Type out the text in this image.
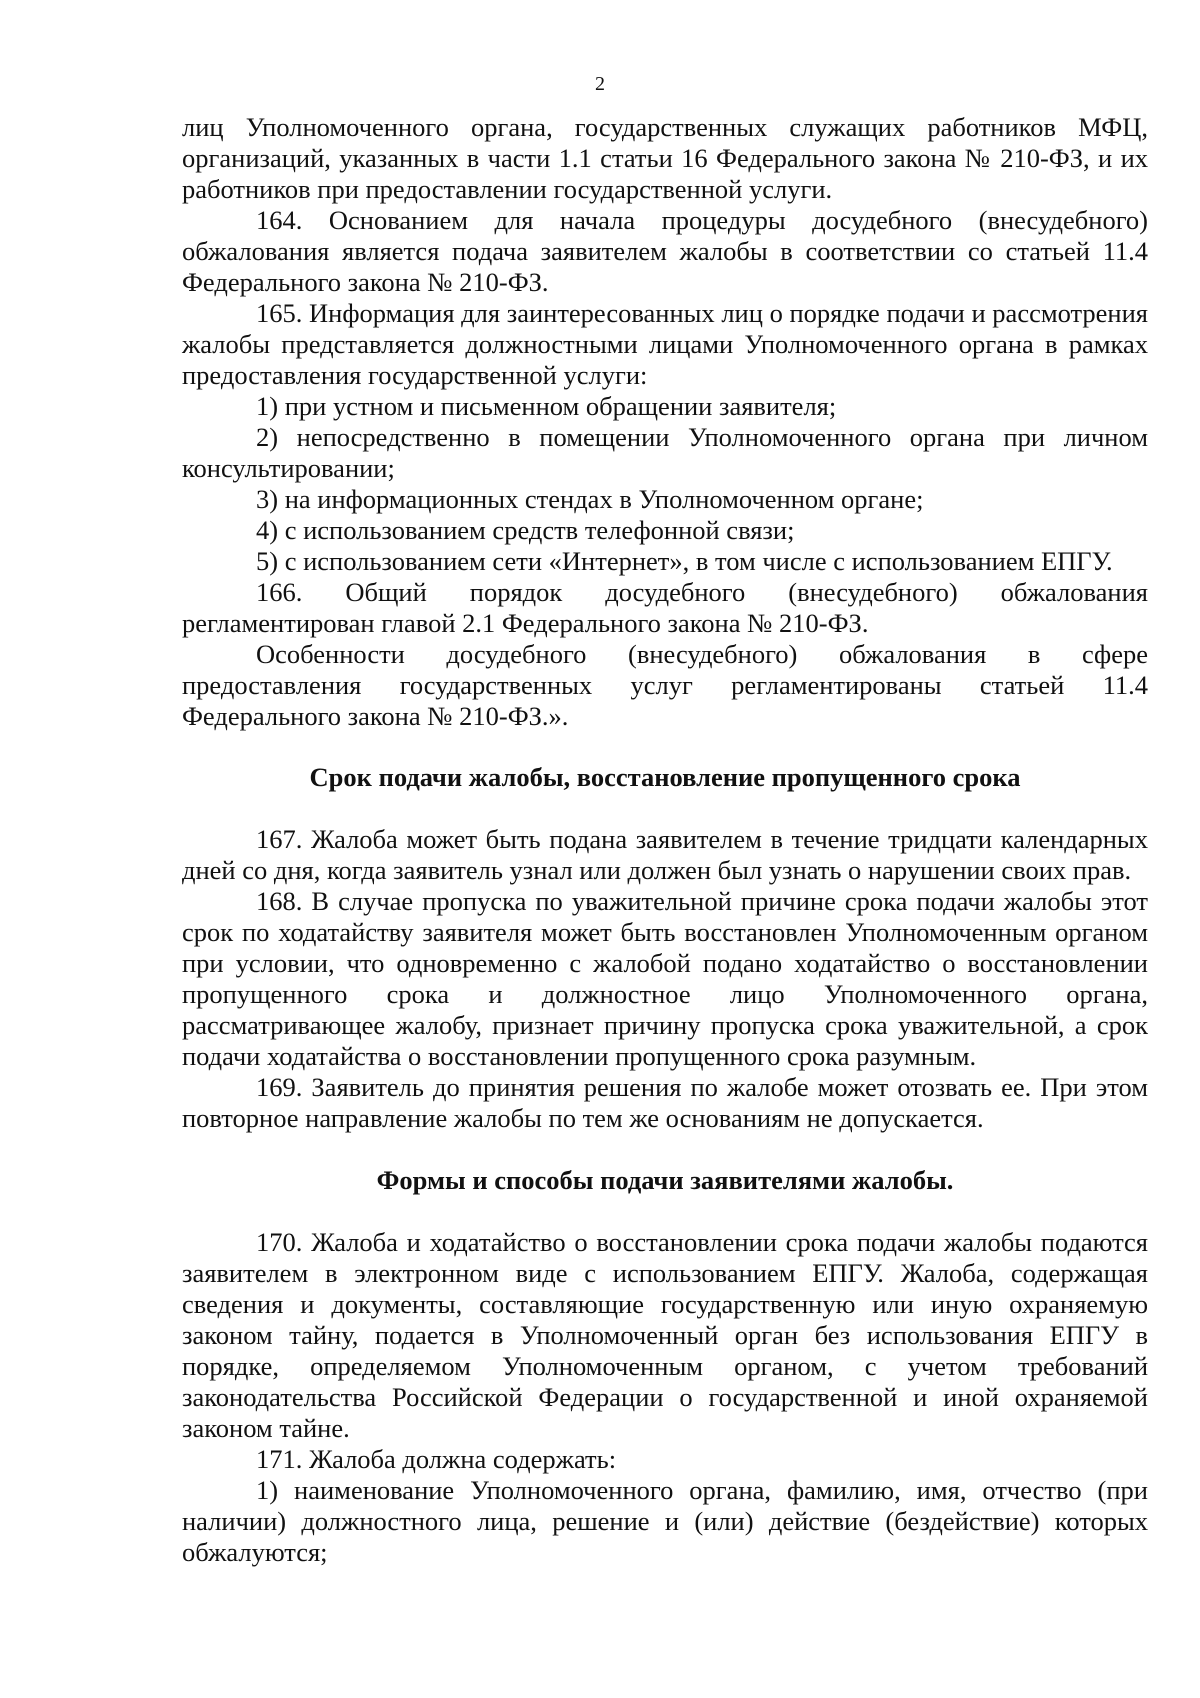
2

лиц Уполномоченного органа, государственных служащих работников МФЦ, организаций, указанных в части 1.1 статьи 16 Федерального закона № 210-ФЗ, и их работников при предоставлении государственной услуги.

164. Основанием для начала процедуры досудебного (внесудебного) обжалования является подача заявителем жалобы в соответствии со статьей 11.4 Федерального закона № 210-ФЗ.

165. Информация для заинтересованных лиц о порядке подачи и рассмотрения жалобы представляется должностными лицами Уполномоченного органа в рамках предоставления государственной услуги:

1) при устном и письменном обращении заявителя;

2) непосредственно в помещении Уполномоченного органа при личном консультировании;

3) на информационных стендах в Уполномоченном органе;

4) с использованием средств телефонной связи;

5) с использованием сети «Интернет», в том числе с использованием ЕПГУ.

166. Общий порядок досудебного (внесудебного) обжалования регламентирован главой 2.1 Федерального закона № 210-ФЗ.

Особенности досудебного (внесудебного) обжалования в сфере предоставления государственных услуг регламентированы статьей 11.4 Федерального закона № 210-ФЗ.».

Срок подачи жалобы, восстановление пропущенного срока

167. Жалоба может быть подана заявителем в течение тридцати календарных дней со дня, когда заявитель узнал или должен был узнать о нарушении своих прав.

168. В случае пропуска по уважительной причине срока подачи жалобы этот срок по ходатайству заявителя может быть восстановлен Уполномоченным органом при условии, что одновременно с жалобой подано ходатайство о восстановлении пропущенного срока и должностное лицо Уполномоченного органа, рассматривающее жалобу, признает причину пропуска срока уважительной, а срок подачи ходатайства о восстановлении пропущенного срока разумным.

169. Заявитель до принятия решения по жалобе может отозвать ее. При этом повторное направление жалобы по тем же основаниям не допускается.

Формы и способы подачи заявителями жалобы.

170. Жалоба и ходатайство о восстановлении срока подачи жалобы подаются заявителем в электронном виде с использованием ЕПГУ. Жалоба, содержащая сведения и документы, составляющие государственную или иную охраняемую законом тайну, подается в Уполномоченный орган без использования ЕПГУ в порядке, определяемом Уполномоченным органом, с учетом требований законодательства Российской Федерации о государственной и иной охраняемой законом тайне.

171. Жалоба должна содержать:

1) наименование Уполномоченного органа, фамилию, имя, отчество (при наличии) должностного лица, решение и (или) действие (бездействие) которых обжалуются;
